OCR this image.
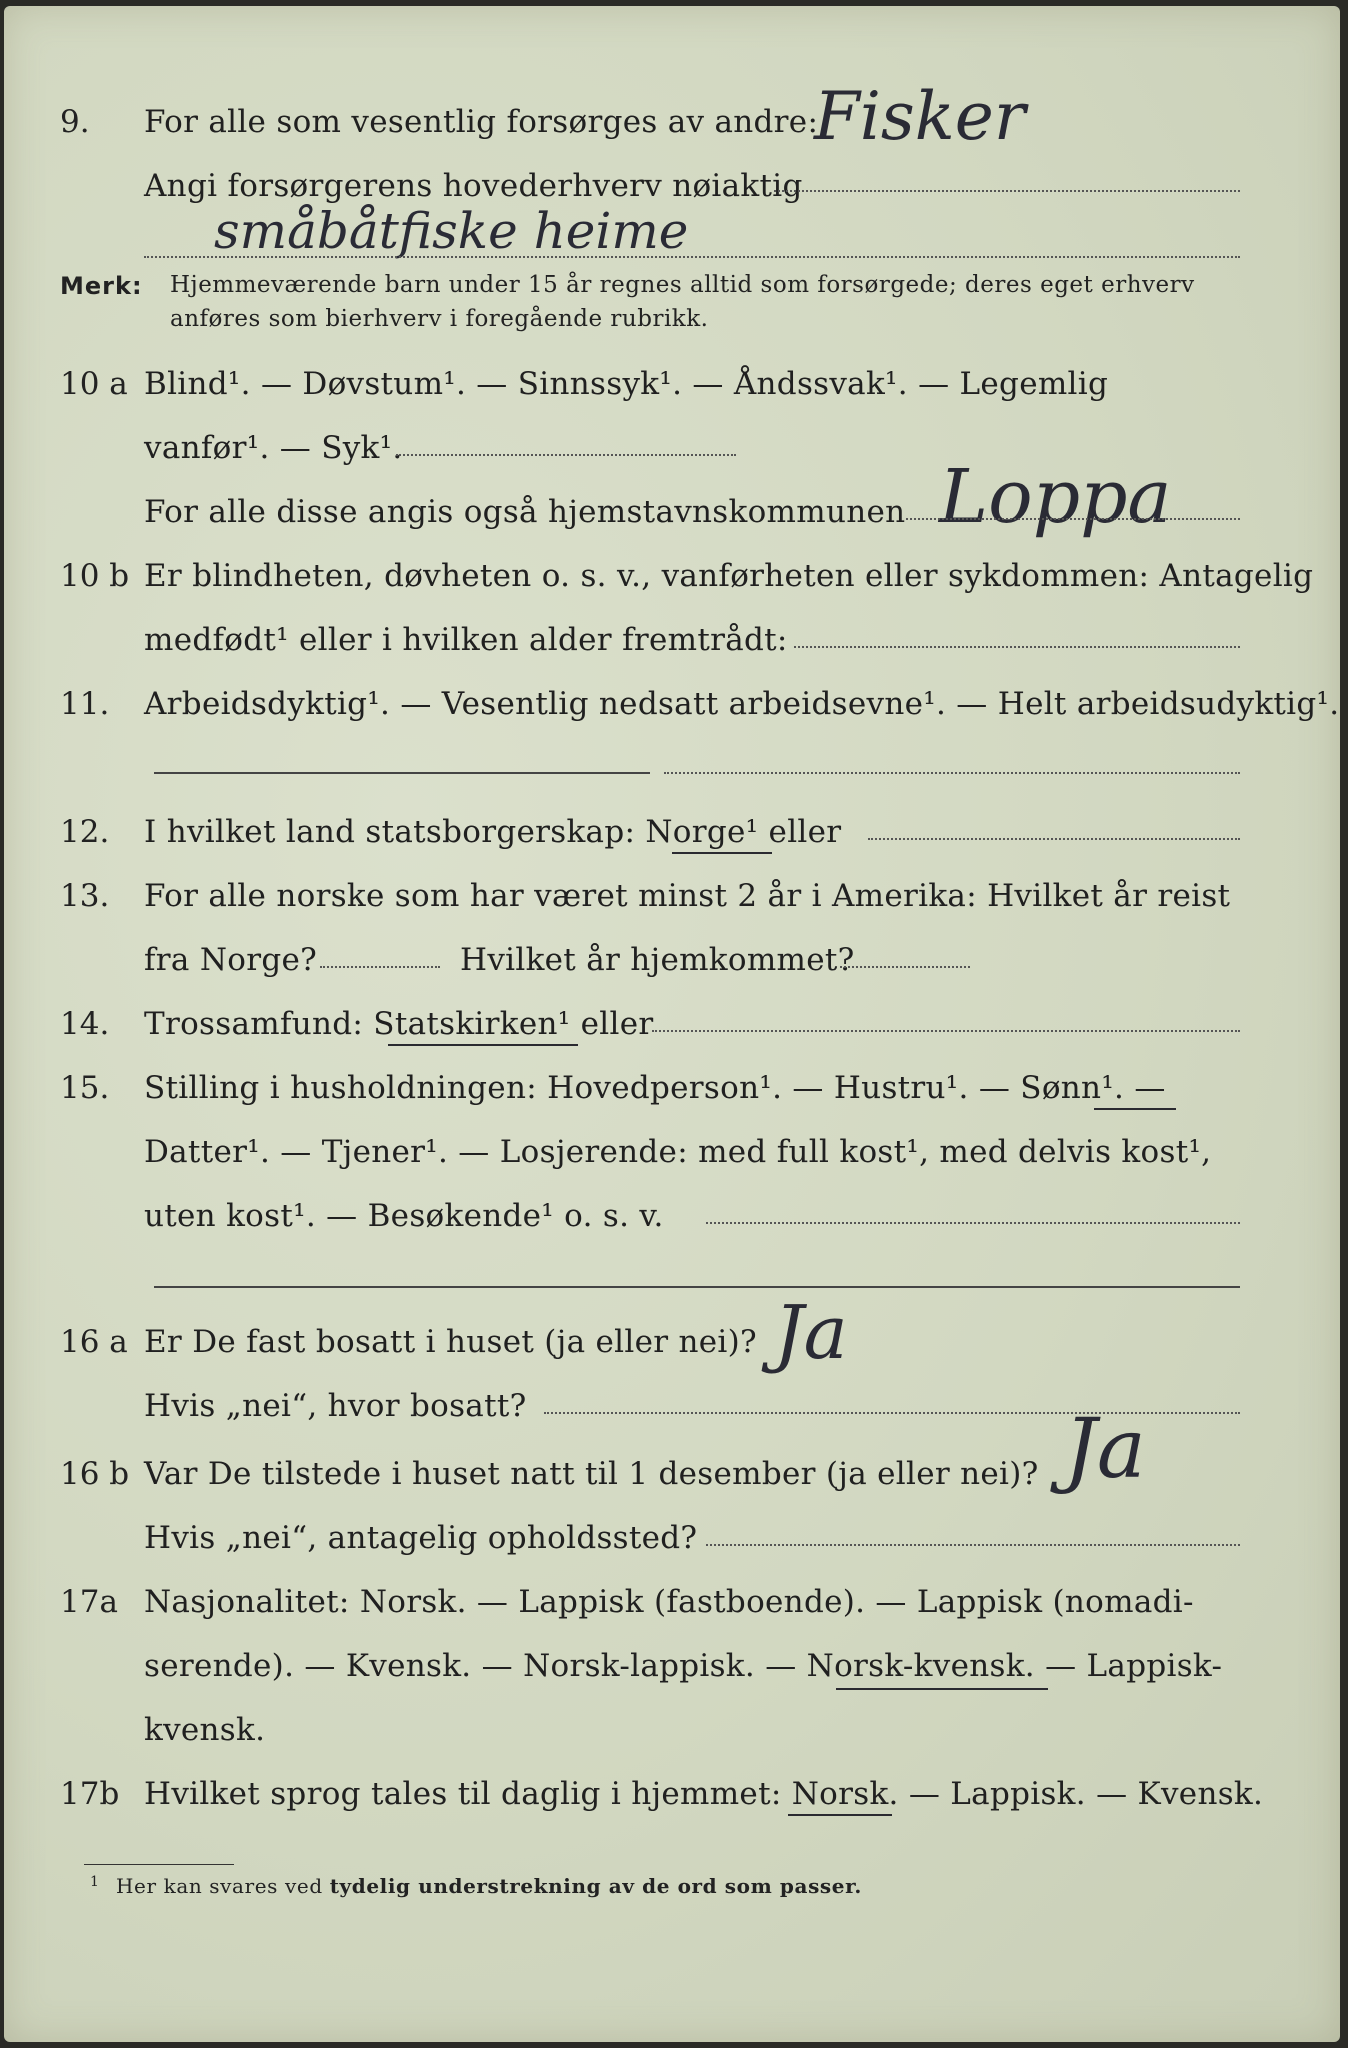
9. For alle som vesentlig forsørges av andre:
Fisker
Angi forsørgerens hovederhverv nøiaktig
småbåtfiske heime
Merk: Hjemmeværende barn under 15 år regnes alltid som forsørgede; deres eget erhverv
anføres som bierhverv i foregående rubrikk.
10 a Blind¹. — Døvstum¹. — Sinnssyk¹. — Åndssvak¹. — Legemlig
vanfør¹. — Syk¹.
For alle disse angis også hjemstavnskommunen Loppa
10 b Er blindheten, døvheten o. s. v., vanførheten eller sykdommen: Antagelig
medfødt¹ eller i hvilken alder fremtrådt:
11. Arbeidsdyktig¹. — Vesentlig nedsatt arbeidsevne¹. — Helt arbeidsudyktig¹.
12. I hvilket land statsborgerskap: Norge¹ eller
13. For alle norske som har været minst 2 år i Amerika: Hvilket år reist
fra Norge?	Hvilket år hjemkommet?
14. Trossamfund: Statskirken¹ eller
15. Stilling i husholdningen: Hovedperson¹. — Hustru¹. — Sønn¹. —
Datter¹. — Tjener¹. — Losjerende: med full kost¹, med delvis kost¹,
uten kost¹. — Besøkende¹ o. s. v.
16 a Er De fast bosatt i huset (ja eller nei)? Ja
Hvis „nei“, hvor bosatt?
16 b Var De tilstede i huset natt til 1 desember (ja eller nei)? Ja
Hvis „nei“, antagelig opholdssted?
17a Nasjonalitet: Norsk. — Lappisk (fastboende). — Lappisk (nomadi-
serende). — Kvensk. — Norsk-lappisk. — Norsk-kvensk. — Lappisk-
kvensk.
17b Hvilket sprog tales til daglig i hjemmet: Norsk. — Lappisk. — Kvensk.
1 Her kan svares ved tydelig understrekning av de ord som passer.
